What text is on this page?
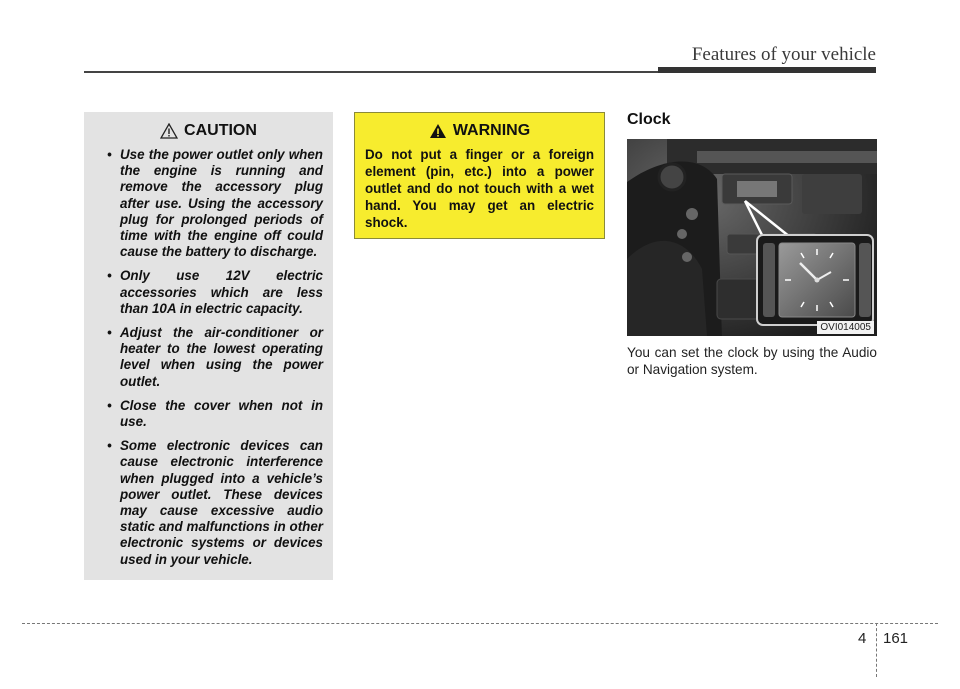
Features of your vehicle
CAUTION
• Use the power outlet only when the engine is running and remove the accessory plug after use. Using the accessory plug for prolonged periods of time with the engine off could cause the battery to discharge.
• Only use 12V electric accessories which are less than 10A in electric capacity.
• Adjust the air-conditioner or heater to the lowest operating level when using the power outlet.
• Close the cover when not in use.
• Some electronic devices can cause electronic interference when plugged into a vehicle’s power outlet. These devices may cause excessive audio static and malfunctions in other electronic systems or devices used in your vehicle.
WARNING
Do not put a finger or a foreign element (pin, etc.) into a power outlet and do not touch with a wet hand. You may get an electric shock.
Clock
OVI014005
You can set the clock by using the Audio or Navigation system.
4 161
